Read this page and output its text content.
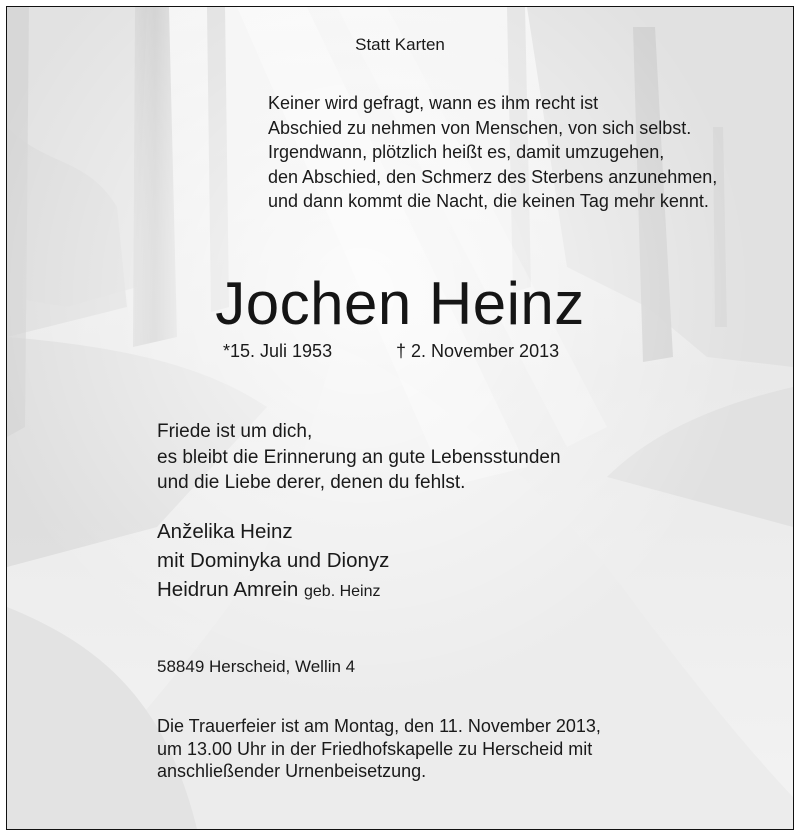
Statt Karten
Keiner wird gefragt, wann es ihm recht ist
Abschied zu nehmen von Menschen, von sich selbst.
Irgendwann, plötzlich heißt es, damit umzugehen,
den Abschied, den Schmerz des Sterbens anzunehmen,
und dann kommt die Nacht, die keinen Tag mehr kennt.
Jochen Heinz
*15. Juli 1953	† 2. November 2013
Friede ist um dich,
es bleibt die Erinnerung an gute Lebensstunden
und die Liebe derer, denen du fehlst.
Anželika Heinz
mit Dominyka und Dionyz
Heidrun Amrein geb. Heinz
58849 Herscheid, Wellin 4
Die Trauerfeier ist am Montag, den 11. November 2013,
um 13.00 Uhr in der Friedhofskapelle zu Herscheid mit
anschließender Urnenbeisetzung.
